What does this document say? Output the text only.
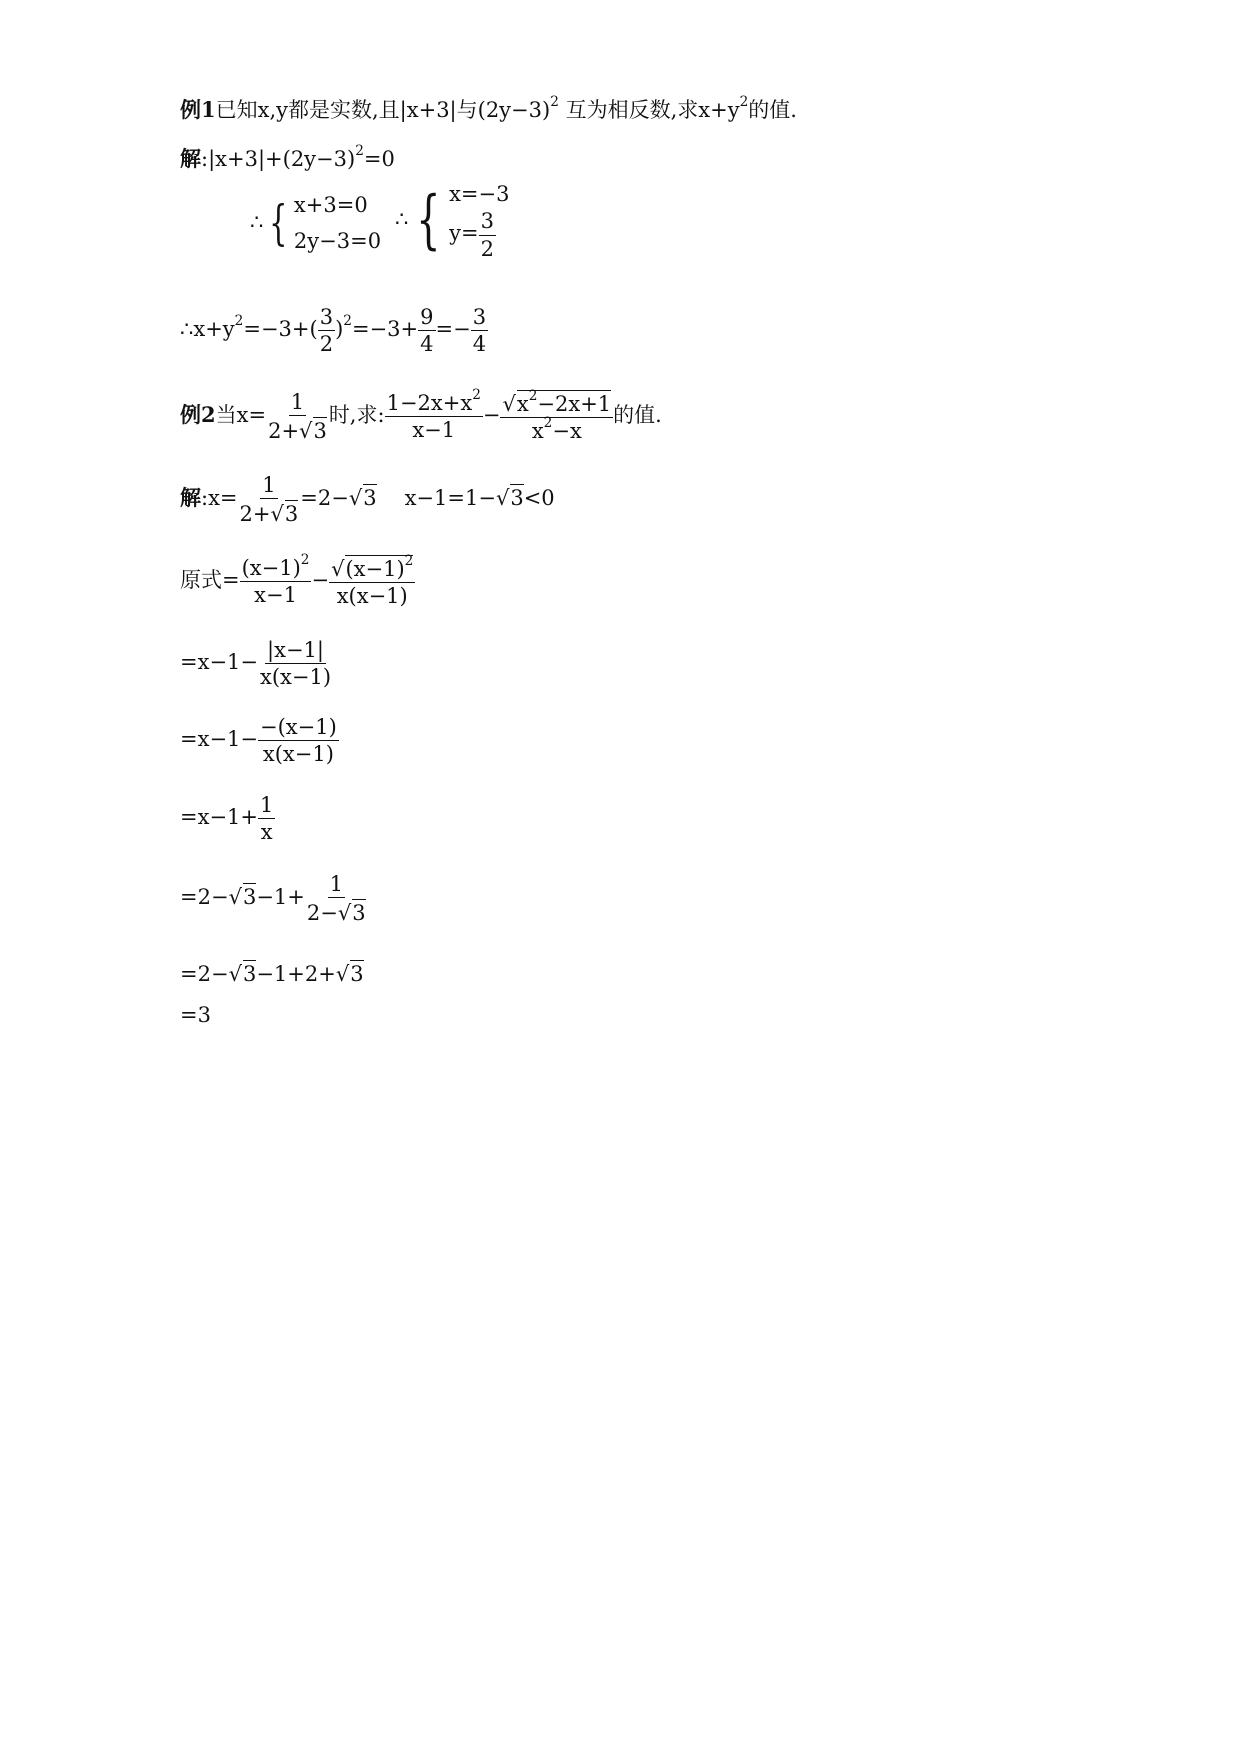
例1已知x,y都是实数,且|x+3|与$(2y-3)^2$ 互为相反数,求$x+y^2$的值.
解$:|x+3|+(2y-3)^2=0$
∴ { x+3=0
2y−3=0
∴ { x=−3
$y= \frac{3}{2}$
$\therefore x+y^2=-3+( \frac{3}{2} )^2=-3+ \frac{9}{4} =- \frac{3}{4}$
例2当$x= \frac{1}{2+ √ 3}$ 时,求: $\frac{1-2x+x^2}{x-1} - \frac{√ x^2-2x+1}{x^2-x}$ 的值.
解:x= $\frac{1}{2+ √ 3} =2-$ √ 3 x−1=1− √ 3 <0
原式= $\frac{(x-1)^2}{x-1} - \frac{√ (x-1)^2}{x(x-1)}$
$=x-1- \frac{|x-1|}{x(x-1)}$
$=x-1- \frac{-(x-1)}{x(x-1)}$
$=x-1+ \frac{1}{x}$
=2− √ $3 -1+ \frac{1}{2- √ 3}$
=2− √ 3 −1+2+ √ 3
=3
